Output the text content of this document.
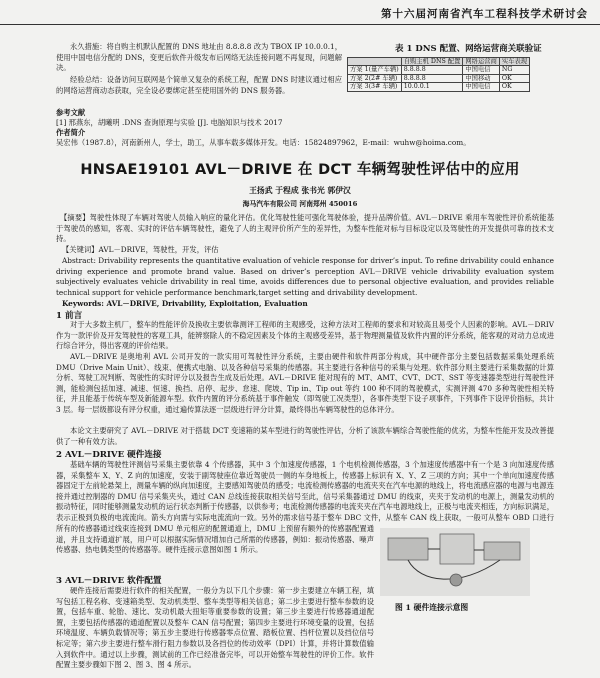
第十六届河南省汽车工程科技学术研讨会
永久措施：将自购主机默认配置的 DNS 地址由 8.8.8.8 改为 TBOX IP 10.0.0.1，使用中国电信分配的 DNS，变更后软件升级发布后网络无法连接问题不再复现，问题解决。
经验总结：设备访问互联网是个简单又复杂的系统工程，配置 DNS 时建议通过相应的网络运营商动态获取，完全设必要绑定甚至使用国外的 DNS 服务器。
参考文献
[1] 邢燕东，胡曦明 .DNS 查询原理与实验 [J]. 电脑知识与技术 2017
作者简介
吴宏伟（1987.8），河南新州人，学士，助工，从事车载多媒体开发。电话：15824897962，E-mail：wuhw@hoima.com。
表 1 DNS 配置、网络运营商关联验证
	自购主机 DNS 配置	网络运营商	实车表现
方案 1(量产车辆)	8.8.8.8	中国电信	NG
方案 2(2# 车辆)	8.8.8.8	中国移动	OK
方案 3(3# 车辆)	10.0.0.1	中国电信	OK
HNSAE19101 AVL－DRIVE 在 DCT 车辆驾驶性评估中的应用
王扬武 于程成 张书光 郭伊汉
海马汽车有限公司 河南郑州 450016
【摘要】驾驶性体现了车辆对驾驶人员输入响应的量化评估。优化驾驶性能可强化驾驶体验，提升品牌价值。AVL－DRIVE 乘用车驾驶性评价系统能基于驾驶员的感知，客观、实时的评估车辆驾驶性，避免了人的主观评价所产生的差异性，为整车性能对标与目标设定以及驾驶性的开发提供可靠的技术支持。
【关键词】AVL－DRIVE，驾驶性，开发，评估
Abstract: Drivability represents the quantitative evaluation of vehicle response for driver’s input. To refine drivability could enhance driving experience and promote brand value. Based on driver’s perception AVL－DRIVE vehicle drivability evaluation system subjectively evaluates vehicle drivability in real time, avoids differences due to personal objective evaluation, and provides reliable technical support for vehicle performance benchmark,target setting and drivability development.
Keywords: AVL－DRIVE, Drivability, Exploitation, Evaluation
1 前言
对于大多数主机厂，整车的性能评价及换收主要依靠测评工程师的主观感受，这种方法对工程师的要求和对较高且易受个人因素的影响。AVL－DRIV 作为一款评价及开发驾驶性的客观工具，能辨察除人的不稳定因素及个体的主观感受差异，基于物理测量值及软件内置的评分系统，能客观的对动力总成进行综合评分，得出客观的评价结果。
AVL－DRIVE 是奥地利 AVL 公司开发的一款实用可驾驶性评分系统，主要由硬件和软件两部分构成，其中硬件部分主要包括数据采集处理系统 DMU（Drive Main Unit）、线束、便携式电脑、以及各种信号采集的传感器。其主要进行各种信号的采集与处理。软件部分则主要进行采集数据的计算分析、驾驶工况判断、驾驶性的实时评分以及报告生成及后处理。AVL－DRIVE 能对现有的 MT、AMT、CVT、DCT、SST 等变速器类型进行驾驶性评测，能检测包括加速、减速、恒速、换挡、启停、起步、怠速、爬坡、Tip in、Tip out 等约 100 种不同的驾驶模式，实测评测 470 多种驾驶性相关特征，并且能基于传统车型及新能源车型。软件内置的评分系统基于事件触发（即驾驶工况类型），各事件类型下设子项事件，下列事件下设评价指标，共计 3 层。每一层级都设有评分权重，通过遍传算法逐一层级进行评分计算，最终得出车辆驾驶性的总体评分。
本论文主要研究了 AVL－DRIVE 对于搭载 DCT 变速箱的某车型进行的驾驶性评估，分析了该款车辆综合驾驶性能的优劣，为整车性能开发及改善提供了一种有效方法。
2 AVL－DRIVE 硬件连接
基础车辆的驾驶性评测信号采集主要依靠 4 个传感器，其中 3 个加速度传感器，1 个电机检测传感器，3 个加速度传感器中有一个是 3 向加速度传感器，采集整车 X、Y、Z 向的加速度，安装于副驾驶座位靠近驾驶员一侧的车身地板上，传感器上标识有 X、Y、Z 三项的方向；其中一个单向加速度传感器固定于左前轮悬架上，测量车辆的纵向加速度，主要感知驾驶员的感受；电流检测传感器的电流夹夹在汽车电源的地线上，将电流感应器的电源与电源连接并通过控制器的 DMU 信号采集夹头，通过 CAN 总线连接获取相关信号至此，信号采集器通过 DMU 的线束，夹夹于发动机的电源上，测量发动机的振动特征，同时能够测量发动机的运行状态判断于传感器，以供参考；电流检测传感器的电流夹夹在汽车电源地线上，正极与电流夹相连，方向标识满足，表示正极到负极的电流流向。箭头方向需与实际电流流向一致。另外的需求信号基于整车 DBC 文件，从整车 CAN 线上获取，一般可从整车 OBD 口进行
所有的传感器通过线束连接到 DMU 单元相应的配置通道上，DMU 上预留有额外的传感器配置通道，并且支持通道扩展，用户可以根据实际情况增加自己所需的传感器，例如：振动传感器、噪声传感器、热电偶类型的传感器等。硬件连接示意图如图 1 所示。
图 1 硬件连接示意图
3 AVL－DRIVE 软件配置
硬件连接后需要进行软件的相关配置，一般分为以下几个步骤：第一步主要建立车辆工程，填写包括工程名称、变速箱类型、发动机类型、整车类型等相关信息；第二步主要进行整车参数的设置，包括车重、轮胎、速比、发动机最大扭矩等重要参数的设置；第三步主要进行传感器通道配置，主要包括传感器的通道配置以及整车 CAN 信号配置；第四步主要进行环境变量的设置，包括环境温度、车辆负载情况等；第五步主要进行传感器零点位置、踏板位置、挡杆位置以及挡位信号标定等；第六步主要进行整车滑行阻力参数以及各挡位的传动效率（DPI）计算，并将计算数值输入到软件中。通过以上步骤，测试前的工作已经准备完毕，可以开始整车驾驶性的评价工作。软件配置主要步骤如下图 2、图 3、图 4 所示。
